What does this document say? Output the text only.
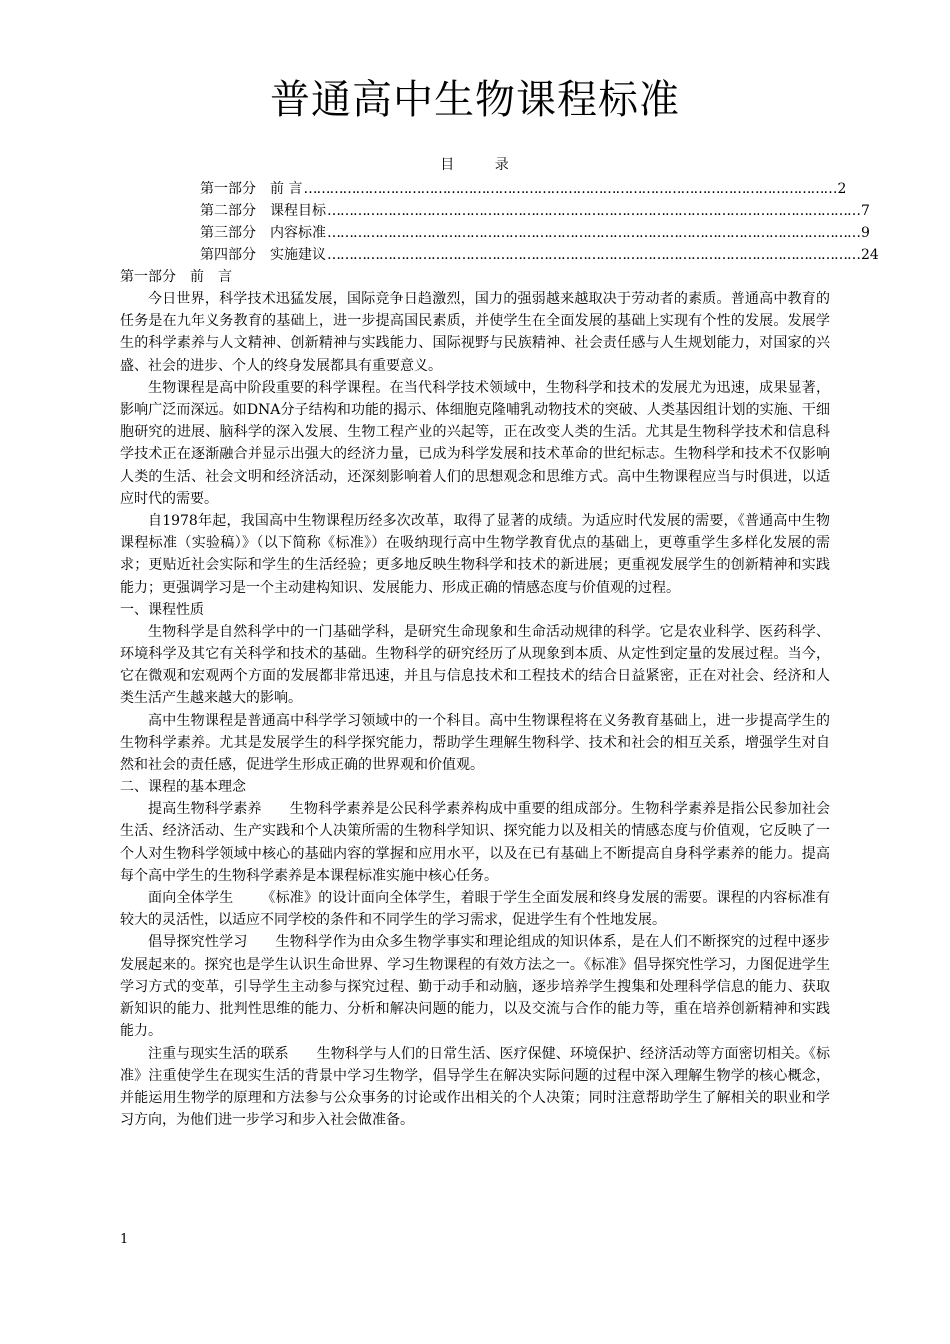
普通高中生物课程标准
目 录
第一部分　前 言 …………………………………………………………………………………………………………… 2
第二部分　课程目标 …………………………………………………………………………………………………………… 7
第三部分　内容标准 …………………………………………………………………………………………………………… 9
第四部分　实施建议 …………………………………………………………………………………………………………… 24
第一部分　前　言

今日世界，科学技术迅猛发展，国际竞争日趋激烈，国力的强弱越来越取决于劳动者的素质。普通高中教育的任务是在九年义务教育的基础上，进一步提高国民素质，并使学生在全面发展的基础上实现有个性的发展。发展学生的科学素养与人文精神、创新精神与实践能力、国际视野与民族精神、社会责任感与人生规划能力，对国家的兴盛、社会的进步、个人的终身发展都具有重要意义。

生物课程是高中阶段重要的科学课程。在当代科学技术领域中，生物科学和技术的发展尤为迅速，成果显著，影响广泛而深远。如DNA分子结构和功能的揭示、体细胞克隆哺乳动物技术的突破、人类基因组计划的实施、干细胞研究的进展、脑科学的深入发展、生物工程产业的兴起等，正在改变人类的生活。尤其是生物科学技术和信息科学技术正在逐渐融合并显示出强大的经济力量，已成为科学发展和技术革命的世纪标志。生物科学和技术不仅影响人类的生活、社会文明和经济活动，还深刻影响着人们的思想观念和思维方式。高中生物课程应当与时俱进，以适应时代的需要。

自1978年起，我国高中生物课程历经多次改革，取得了显著的成绩。为适应时代发展的需要，《普通高中生物课程标准（实验稿）》（以下简称《标准》）在吸纳现行高中生物学教育优点的基础上，更尊重学生多样化发展的需求；更贴近社会实际和学生的生活经验；更多地反映生物科学和技术的新进展；更重视发展学生的创新精神和实践能力；更强调学习是一个主动建构知识、发展能力、形成正确的情感态度与价值观的过程。

一、课程性质

生物科学是自然科学中的一门基础学科，是研究生命现象和生命活动规律的科学。它是农业科学、医药科学、环境科学及其它有关科学和技术的基础。生物科学的研究经历了从现象到本质、从定性到定量的发展过程。当今，它在微观和宏观两个方面的发展都非常迅速，并且与信息技术和工程技术的结合日益紧密，正在对社会、经济和人类生活产生越来越大的影响。

高中生物课程是普通高中科学学习领域中的一个科目。高中生物课程将在义务教育基础上，进一步提高学生的生物科学素养。尤其是发展学生的科学探究能力，帮助学生理解生物科学、技术和社会的相互关系，增强学生对自然和社会的责任感，促进学生形成正确的世界观和价值观。

二、课程的基本理念

提高生物科学素养 生物科学素养是公民科学素养构成中重要的组成部分。生物科学素养是指公民参加社会生活、经济活动、生产实践和个人决策所需的生物科学知识、探究能力以及相关的情感态度与价值观，它反映了一个人对生物科学领域中核心的基础内容的掌握和应用水平，以及在已有基础上不断提高自身科学素养的能力。提高每个高中学生的生物科学素养是本课程标准实施中核心任务。

面向全体学生 《标准》的设计面向全体学生，着眼于学生全面发展和终身发展的需要。课程的内容标准有较大的灵活性，以适应不同学校的条件和不同学生的学习需求，促进学生有个性地发展。

倡导探究性学习 生物科学作为由众多生物学事实和理论组成的知识体系，是在人们不断探究的过程中逐步发展起来的。探究也是学生认识生命世界、学习生物课程的有效方法之一。《标准》倡导探究性学习，力图促进学生学习方式的变革，引导学生主动参与探究过程、勤于动手和动脑，逐步培养学生搜集和处理科学信息的能力、获取新知识的能力、批判性思维的能力、分析和解决问题的能力，以及交流与合作的能力等，重在培养创新精神和实践能力。

注重与现实生活的联系 生物科学与人们的日常生活、医疗保健、环境保护、经济活动等方面密切相关。《标准》注重使学生在现实生活的背景中学习生物学，倡导学生在解决实际问题的过程中深入理解生物学的核心概念，并能运用生物学的原理和方法参与公众事务的讨论或作出相关的个人决策；同时注意帮助学生了解相关的职业和学习方向，为他们进一步学习和步入社会做准备。

1
